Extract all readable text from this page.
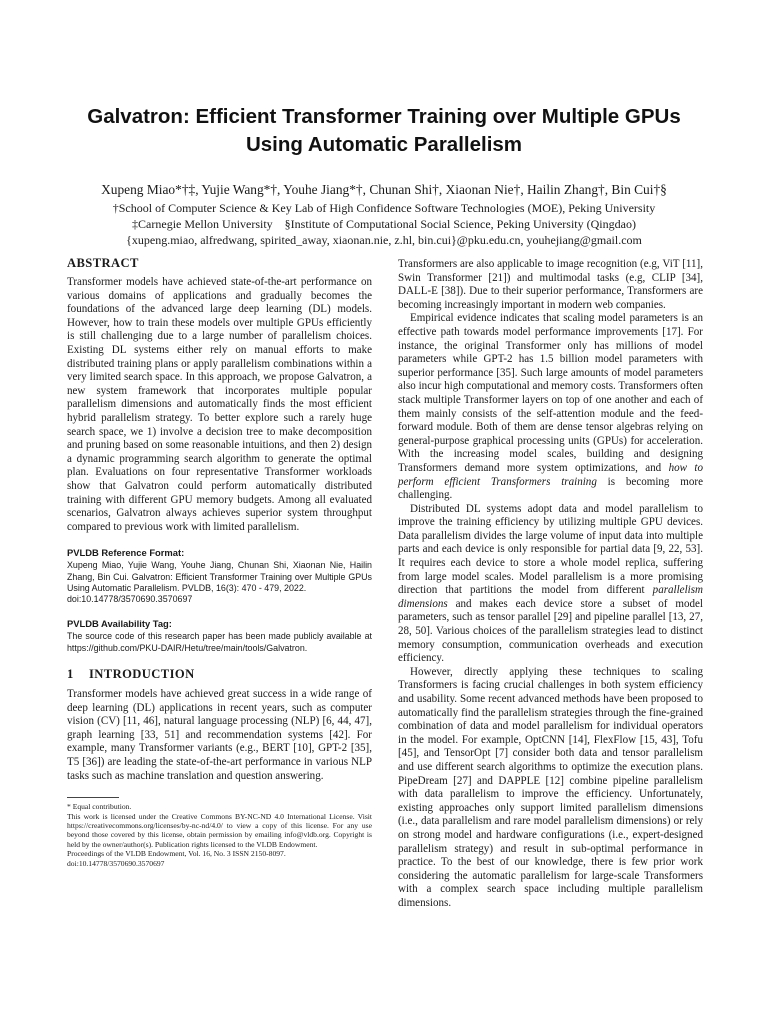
Galvatron: Efficient Transformer Training over Multiple GPUs
Using Automatic Parallelism
Xupeng Miao*†‡, Yujie Wang*†, Youhe Jiang*†, Chunan Shi†, Xiaonan Nie†, Hailin Zhang†, Bin Cui†§
†School of Computer Science & Key Lab of High Confidence Software Technologies (MOE), Peking University
‡Carnegie Mellon University    §Institute of Computational Social Science, Peking University (Qingdao)
{xupeng.miao, alfredwang, spirited_away, xiaonan.nie, z.hl, bin.cui}@pku.edu.cn, youhejiang@gmail.com
ABSTRACT

Transformer models have achieved state-of-the-art performance on various domains of applications and gradually becomes the foundations of the advanced large deep learning (DL) models. However, how to train these models over multiple GPUs efficiently is still challenging due to a large number of parallelism choices. Existing DL systems either rely on manual efforts to make distributed training plans or apply parallelism combinations within a very limited search space. In this approach, we propose Galvatron, a new system framework that incorporates multiple popular parallelism dimensions and automatically finds the most efficient hybrid parallelism strategy. To better explore such a rarely huge search space, we 1) involve a decision tree to make decomposition and pruning based on some reasonable intuitions, and then 2) design a dynamic programming search algorithm to generate the optimal plan. Evaluations on four representative Transformer workloads show that Galvatron could perform automatically distributed training with different GPU memory budgets. Among all evaluated scenarios, Galvatron always achieves superior system throughput compared to previous work with limited parallelism.

PVLDB Reference Format:

Xupeng Miao, Yujie Wang, Youhe Jiang, Chunan Shi, Xiaonan Nie, Hailin Zhang, Bin Cui. Galvatron: Efficient Transformer Training over Multiple GPUs Using Automatic Parallelism. PVLDB, 16(3): 470 - 479, 2022.

doi:10.14778/3570690.3570697

PVLDB Availability Tag:

The source code of this research paper has been made publicly available at https://github.com/PKU-DAIR/Hetu/tree/main/tools/Galvatron.

1 INTRODUCTION

Transformer models have achieved great success in a wide range of deep learning (DL) applications in recent years, such as computer vision (CV) [11, 46], natural language processing (NLP) [6, 44, 47], graph learning [33, 51] and recommendation systems [42]. For example, many Transformer variants (e.g., BERT [10], GPT-2 [35], T5 [36]) are leading the state-of-the-art performance in various NLP tasks such as machine translation and question answering.

* Equal contribution.

This work is licensed under the Creative Commons BY-NC-ND 4.0 International License. Visit https://creativecommons.org/licenses/by-nc-nd/4.0/ to view a copy of this license. For any use beyond those covered by this license, obtain permission by emailing info@vldb.org. Copyright is held by the owner/author(s). Publication rights licensed to the VLDB Endowment.

Proceedings of the VLDB Endowment, Vol. 16, No. 3 ISSN 2150-8097.

doi:10.14778/3570690.3570697

Transformers are also applicable to image recognition (e.g, ViT [11], Swin Transformer [21]) and multimodal tasks (e.g, CLIP [34], DALL-E [38]). Due to their superior performance, Transformers are becoming increasingly important in modern web companies.

Empirical evidence indicates that scaling model parameters is an effective path towards model performance improvements [17]. For instance, the original Transformer only has millions of model parameters while GPT-2 has 1.5 billion model parameters with superior performance [35]. Such large amounts of model parameters also incur high computational and memory costs. Transformers often stack multiple Transformer layers on top of one another and each of them mainly consists of the self-attention module and the feed-forward module. Both of them are dense tensor algebras relying on general-purpose graphical processing units (GPUs) for acceleration. With the increasing model scales, building and designing Transformers demand more system optimizations, and how to perform efficient Transformers training is becoming more challenging.

Distributed DL systems adopt data and model parallelism to improve the training efficiency by utilizing multiple GPU devices. Data parallelism divides the large volume of input data into multiple parts and each device is only responsible for partial data [9, 22, 53]. It requires each device to store a whole model replica, suffering from large model scales. Model parallelism is a more promising direction that partitions the model from different parallelism dimensions and makes each device store a subset of model parameters, such as tensor parallel [29] and pipeline parallel [13, 27, 28, 50]. Various choices of the parallelism strategies lead to distinct memory consumption, communication overheads and execution efficiency.

However, directly applying these techniques to scaling Transformers is facing crucial challenges in both system efficiency and usability. Some recent advanced methods have been proposed to automatically find the parallelism strategies through the fine-grained combination of data and model parallelism for individual operators in the model. For example, OptCNN [14], FlexFlow [15, 43], Tofu [45], and TensorOpt [7] consider both data and tensor parallelism and use different search algorithms to optimize the execution plans. PipeDream [27] and DAPPLE [12] combine pipeline parallelism with data parallelism to improve the efficiency. Unfortunately, existing approaches only support limited parallelism dimensions (i.e., data parallelism and rare model parallelism dimensions) or rely on strong model and hardware configurations (i.e., expert-designed parallelism strategy) and result in sub-optimal performance in practice. To the best of our knowledge, there is few prior work considering the automatic parallelism for large-scale Transformers with a complex search space including multiple parallelism dimensions.
